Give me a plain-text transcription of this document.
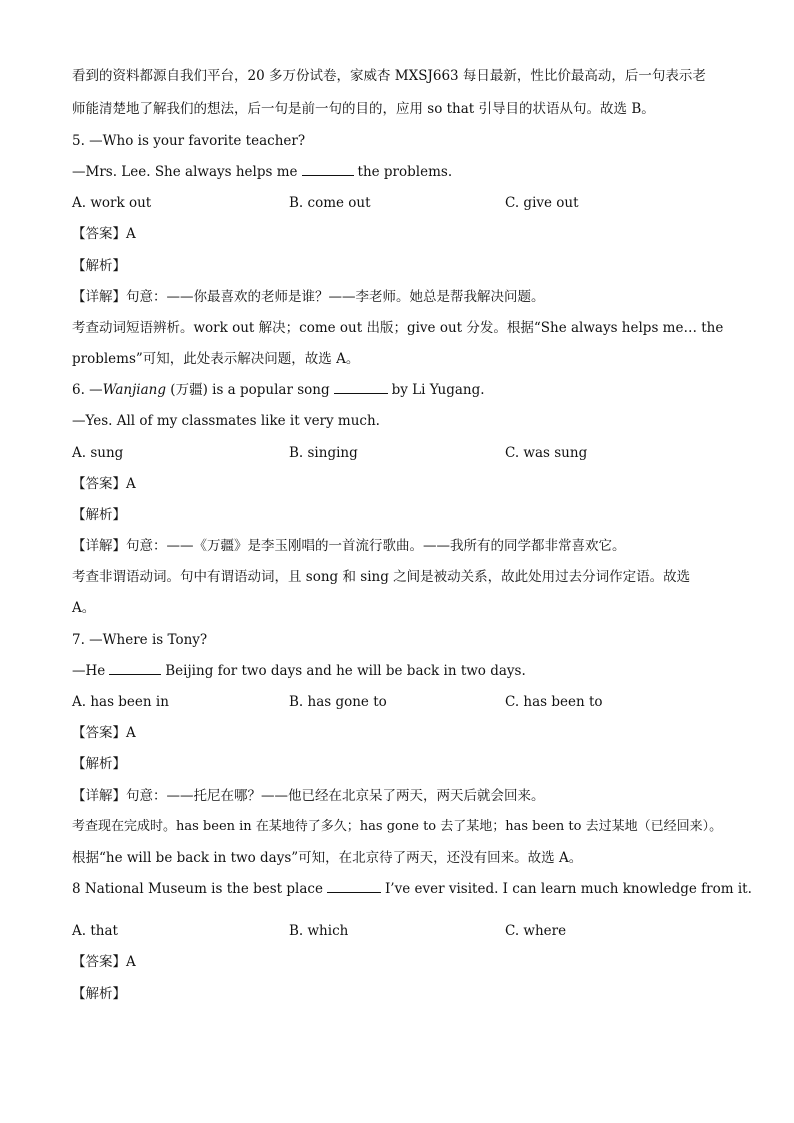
看到的资料都源自我们平台，20 多万份试卷，家威杏 MXSJ663 每日最新，性比价最高动，后一句表示老
师能清楚地了解我们的想法，后一句是前一句的目的，应用 so that 引导目的状语从句。故选 B。
5. —Who is your favorite teacher?
—Mrs. Lee. She always helps me	the problems.
A. work out	B. come out	C. give out
【答案】A
【解析】
【详解】句意：——你最喜欢的老师是谁？——李老师。她总是帮我解决问题。
考查动词短语辨析。work out 解决；come out 出版；give out 分发。根据“She always helps me… the
problems”可知，此处表示解决问题，故选 A。
6. —Wanjiang (万疆) is a popular song	by Li Yugang.
—Yes. All of my classmates like it very much.
A. sung	B. singing	C. was sung
【答案】A
【解析】
【详解】句意：——《万疆》是李玉刚唱的一首流行歌曲。——我所有的同学都非常喜欢它。
考查非谓语动词。句中有谓语动词，且 song 和 sing 之间是被动关系，故此处用过去分词作定语。故选
A。
7. —Where is Tony?
—He	Beijing for two days and he will be back in two days.
A. has been in	B. has gone to	C. has been to
【答案】A
【解析】
【详解】句意：——托尼在哪？——他已经在北京呆了两天，两天后就会回来。
考查现在完成时。has been in 在某地待了多久；has gone to 去了某地；has been to 去过某地（已经回来）。
根据“he will be back in two days”可知，在北京待了两天，还没有回来。故选 A。
8 National Museum is the best place	I’ve ever visited. I can learn much knowledge from it.
A. that	B. which	C. where
【答案】A
【解析】
